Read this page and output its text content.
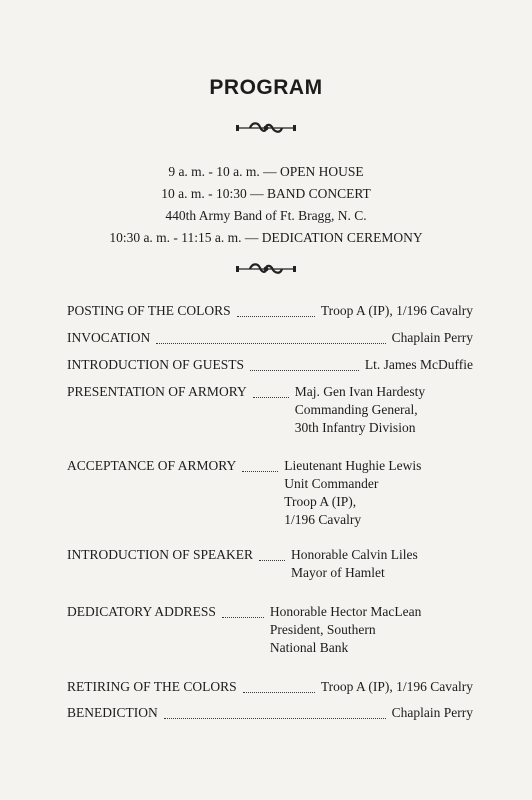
PROGRAM
9 a. m. - 10 a. m. — OPEN HOUSE
10 a. m. - 10:30 — BAND CONCERT
440th Army Band of Ft. Bragg, N. C.
10:30 a. m. - 11:15 a. m. — DEDICATION CEREMONY
POSTING OF THE COLORS	Troop A (IP), 1/196 Cavalry
INVOCATION	Chaplain Perry
INTRODUCTION OF GUESTS	Lt. James McDuffie
PRESENTATION OF ARMORY	Maj. Gen Ivan Hardesty
Commanding General,
30th Infantry Division
ACCEPTANCE OF ARMORY	Lieutenant Hughie Lewis
Unit Commander
Troop A (IP),
1/196 Cavalry
INTRODUCTION OF SPEAKER	Honorable Calvin Liles
Mayor of Hamlet
DEDICATORY ADDRESS	Honorable Hector MacLean
President, Southern
National Bank
RETIRING OF THE COLORS	Troop A (IP), 1/196 Cavalry
BENEDICTION	Chaplain Perry
